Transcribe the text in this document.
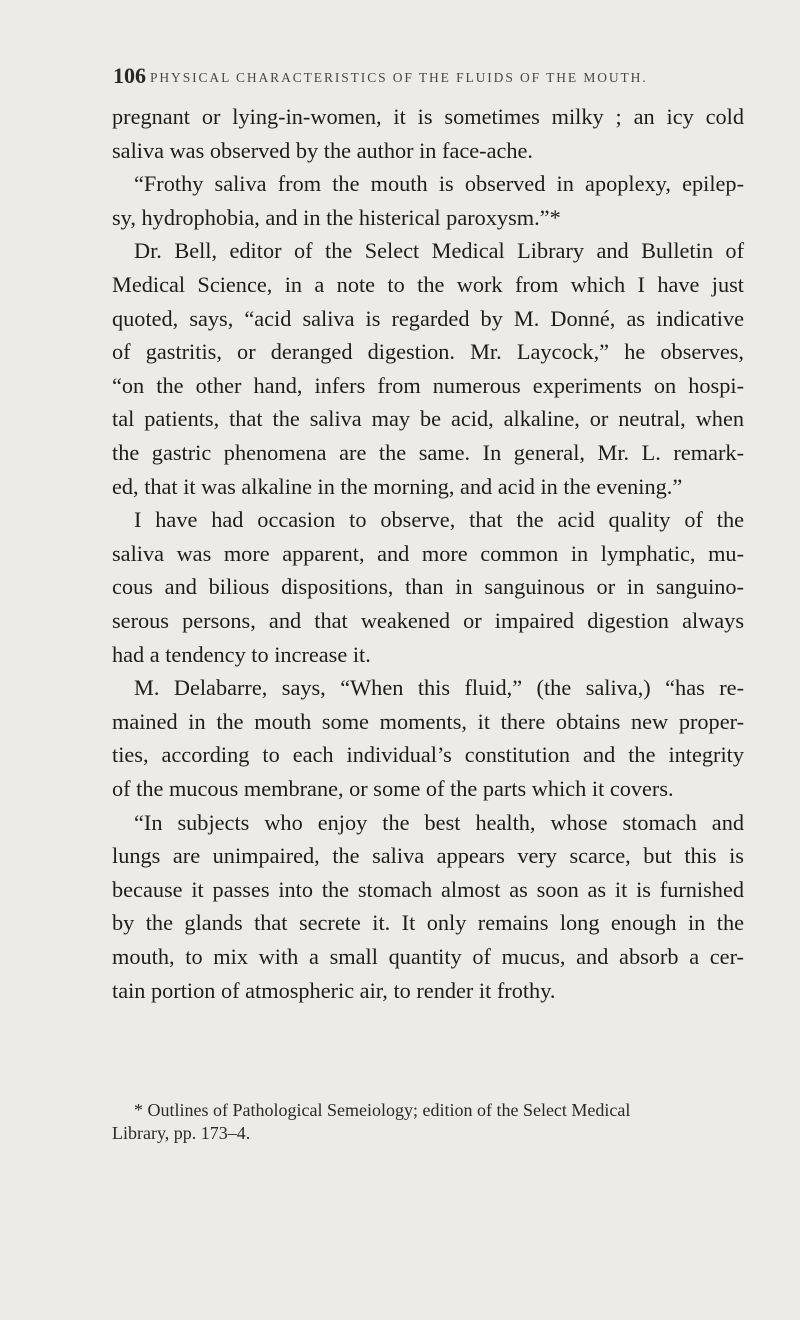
106 PHYSICAL CHARACTERISTICS OF THE FLUIDS OF THE MOUTH.
pregnant or lying-in-women, it is sometimes milky ; an icy cold
saliva was observed by the author in face-ache.
“Frothy saliva from the mouth is observed in apoplexy, epilep-
sy, hydrophobia, and in the histerical paroxysm.”*
Dr. Bell, editor of the Select Medical Library and Bulletin of
Medical Science, in a note to the work from which I have just
quoted, says, “acid saliva is regarded by M. Donné, as indicative
of gastritis, or deranged digestion. Mr. Laycock,” he observes,
“on the other hand, infers from numerous experiments on hospi-
tal patients, that the saliva may be acid, alkaline, or neutral, when
the gastric phenomena are the same. In general, Mr. L. remark-
ed, that it was alkaline in the morning, and acid in the evening.”
I have had occasion to observe, that the acid quality of the
saliva was more apparent, and more common in lymphatic, mu-
cous and bilious dispositions, than in sanguinous or in sanguino-
serous persons, and that weakened or impaired digestion always
had a tendency to increase it.
M. Delabarre, says, “When this fluid,” (the saliva,) “has re-
mained in the mouth some moments, it there obtains new proper-
ties, according to each individual’s constitution and the integrity
of the mucous membrane, or some of the parts which it covers.
“In subjects who enjoy the best health, whose stomach and
lungs are unimpaired, the saliva appears very scarce, but this is
because it passes into the stomach almost as soon as it is furnished
by the glands that secrete it. It only remains long enough in the
mouth, to mix with a small quantity of mucus, and absorb a cer-
tain portion of atmospheric air, to render it frothy.
* Outlines of Pathological Semeiology; edition of the Select Medical
Library, pp. 173–4.
